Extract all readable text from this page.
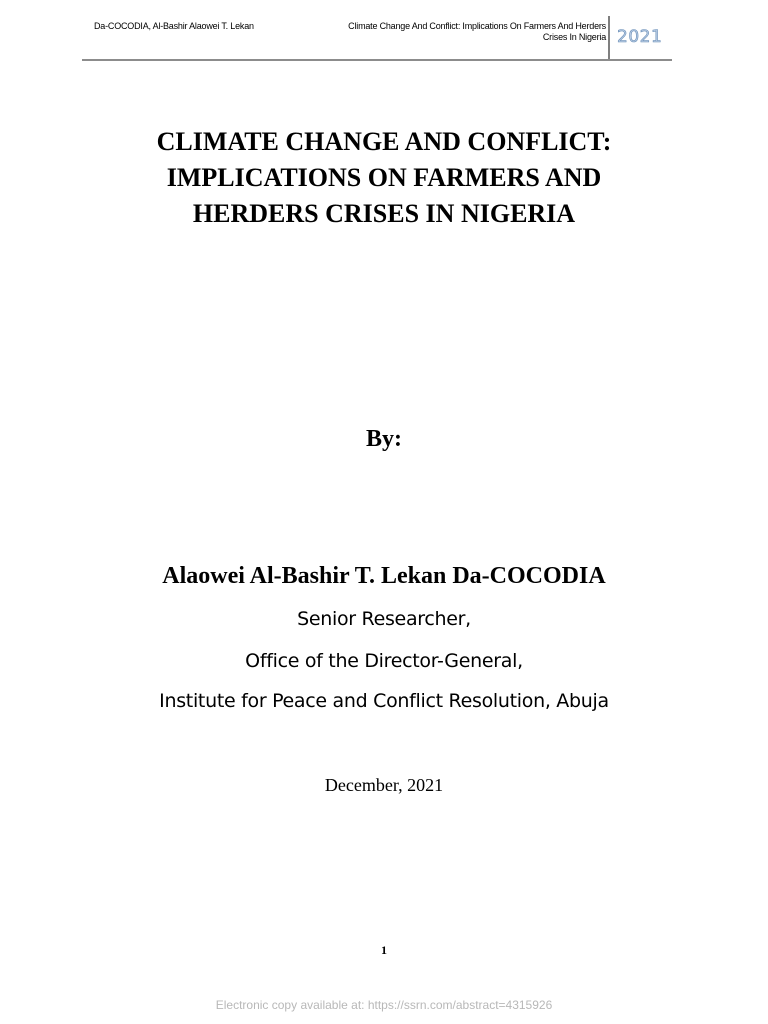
Da-COCODIA, Al-Bashir Alaowei T. Lekan	Climate Change And Conflict: Implications On Farmers And Herders
Crises In Nigeria 2021
CLIMATE CHANGE AND CONFLICT:
IMPLICATIONS ON FARMERS AND
HERDERS CRISES IN NIGERIA
By:
Alaowei Al-Bashir T. Lekan Da-COCODIA
Senior Researcher,
Office of the Director-General,
Institute for Peace and Conflict Resolution, Abuja
December, 2021
1
Electronic copy available at: https://ssrn.com/abstract=4315926
